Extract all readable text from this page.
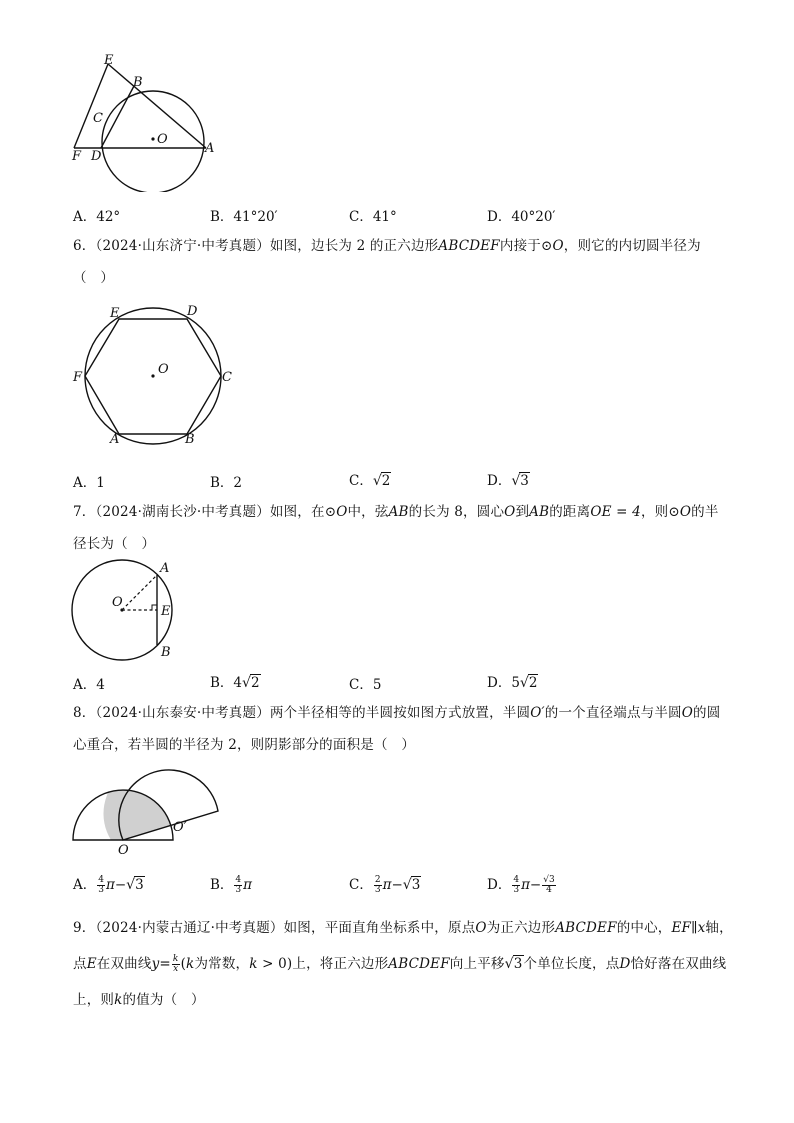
E
B
C
O
F D
A
A．42°	B．41°20′	C．41°	D．40°20′
6．（2024·山东济宁·中考真题）如图，边长为 2 的正六边形ABCDEF内接于⊙O，则它的内切圆半径为
（　）
E	D
F
O
C
A	B
A．1	B．2	C．√2	D．√3
7．（2024·湖南长沙·中考真题）如图，在⊙O中，弦AB的长为 8，圆心O到AB的距离OE = 4，则⊙O的半
径长为（　）
A
O
E
B
A．4	B．4√2	C．5	D．5√2
8．（2024·山东泰安·中考真题）两个半径相等的半圆按如图方式放置，半圆O′的一个直径端点与半圆O的圆
心重合，若半圆的半径为 2，则阴影部分的面积是（　）
O
O′
A． $\frac{4}{3} \pi-√3$	B． $\frac{4}{3}$ π	C． $\frac{2}{3} \pi-√3$	D． $\frac{4}{3} \pi- \frac{√3}{4}$
9．（2024·内蒙古通辽·中考真题）如图，平面直角坐标系中，原点O为正六边形ABCDEF的中心，EF∥x轴，
点E在双曲线$y= \frac{k}{x} (k$为常数，k > 0)上，将正六边形ABCDEF向上平移√3个单位长度，点D恰好落在双曲线
上，则k的值为（　）
